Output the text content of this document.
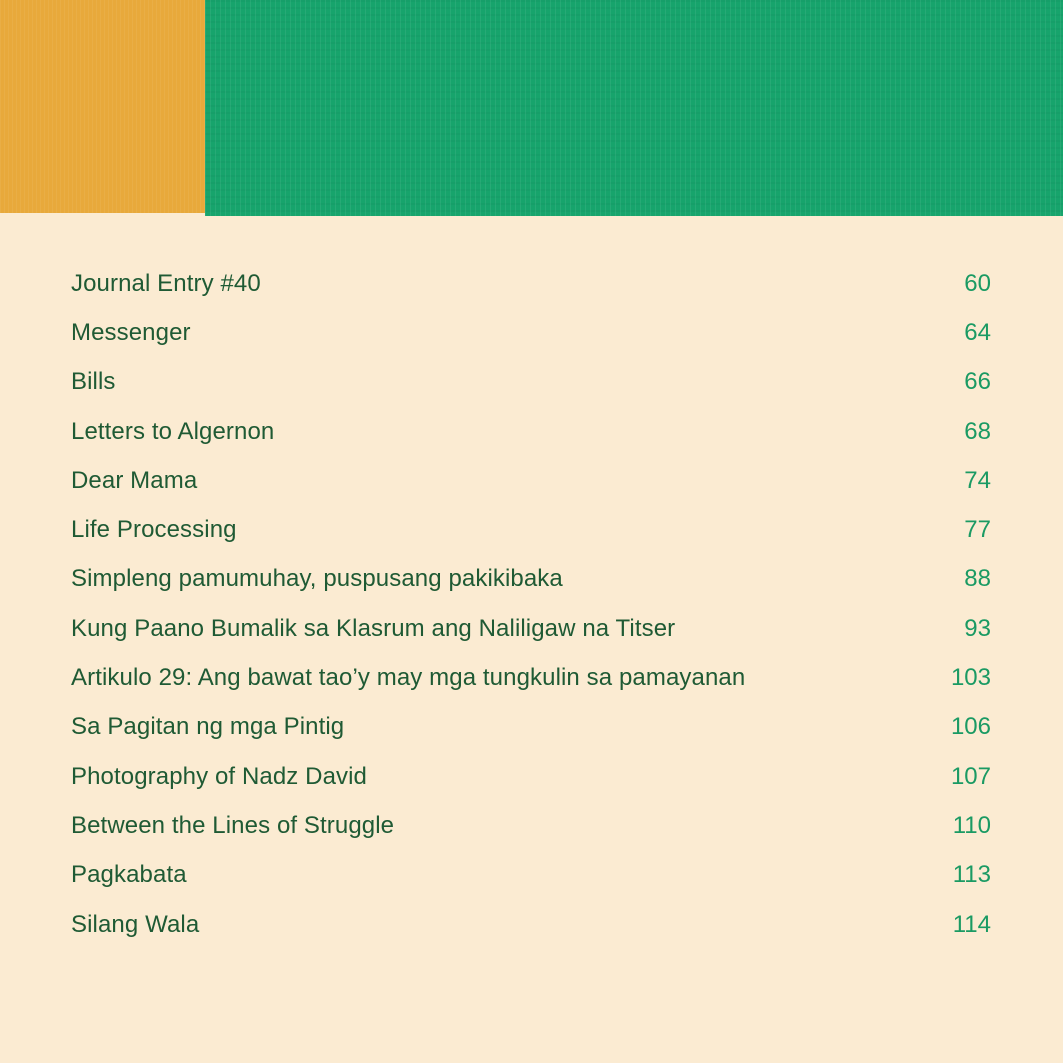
Journal Entry #40	60
Messenger	64
Bills	66
Letters to Algernon	68
Dear Mama	74
Life Processing	77
Simpleng pamumuhay, puspusang pakikibaka	88
Kung Paano Bumalik sa Klasrum ang Naliligaw na Titser	93
Artikulo 29: Ang bawat tao’y may mga tungkulin sa pamayanan	103
Sa Pagitan ng mga Pintig	106
Photography of Nadz David	107
Between the Lines of Struggle	110
Pagkabata	113
Silang Wala	114
